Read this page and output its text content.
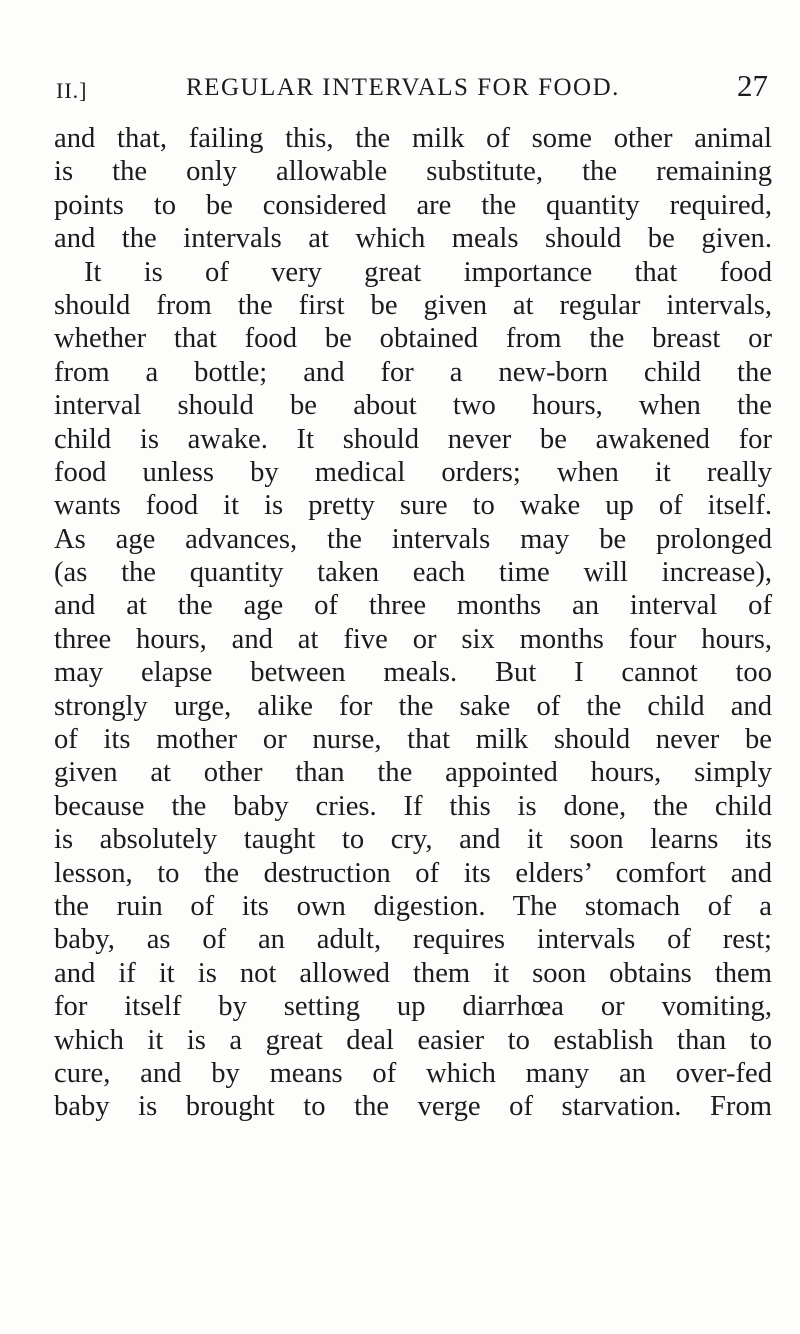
II.]	REGULAR INTERVALS FOR FOOD.	27
and that, failing this, the milk of some other animal
is the only allowable substitute, the remaining
points to be considered are the quantity required,
and the intervals at which meals should be given.
It is of very great importance that food
should from the first be given at regular intervals,
whether that food be obtained from the breast or
from a bottle; and for a new-born child the
interval should be about two hours, when the
child is awake. It should never be awakened for
food unless by medical orders; when it really
wants food it is pretty sure to wake up of itself.
As age advances, the intervals may be prolonged
(as the quantity taken each time will increase),
and at the age of three months an interval of
three hours, and at five or six months four hours,
may elapse between meals. But I cannot too
strongly urge, alike for the sake of the child and
of its mother or nurse, that milk should never be
given at other than the appointed hours, simply
because the baby cries. If this is done, the child
is absolutely taught to cry, and it soon learns its
lesson, to the destruction of its elders’ comfort and
the ruin of its own digestion. The stomach of a
baby, as of an adult, requires intervals of rest;
and if it is not allowed them it soon obtains them
for itself by setting up diarrhœa or vomiting,
which it is a great deal easier to establish than to
cure, and by means of which many an over-fed
baby is brought to the verge of starvation. From
